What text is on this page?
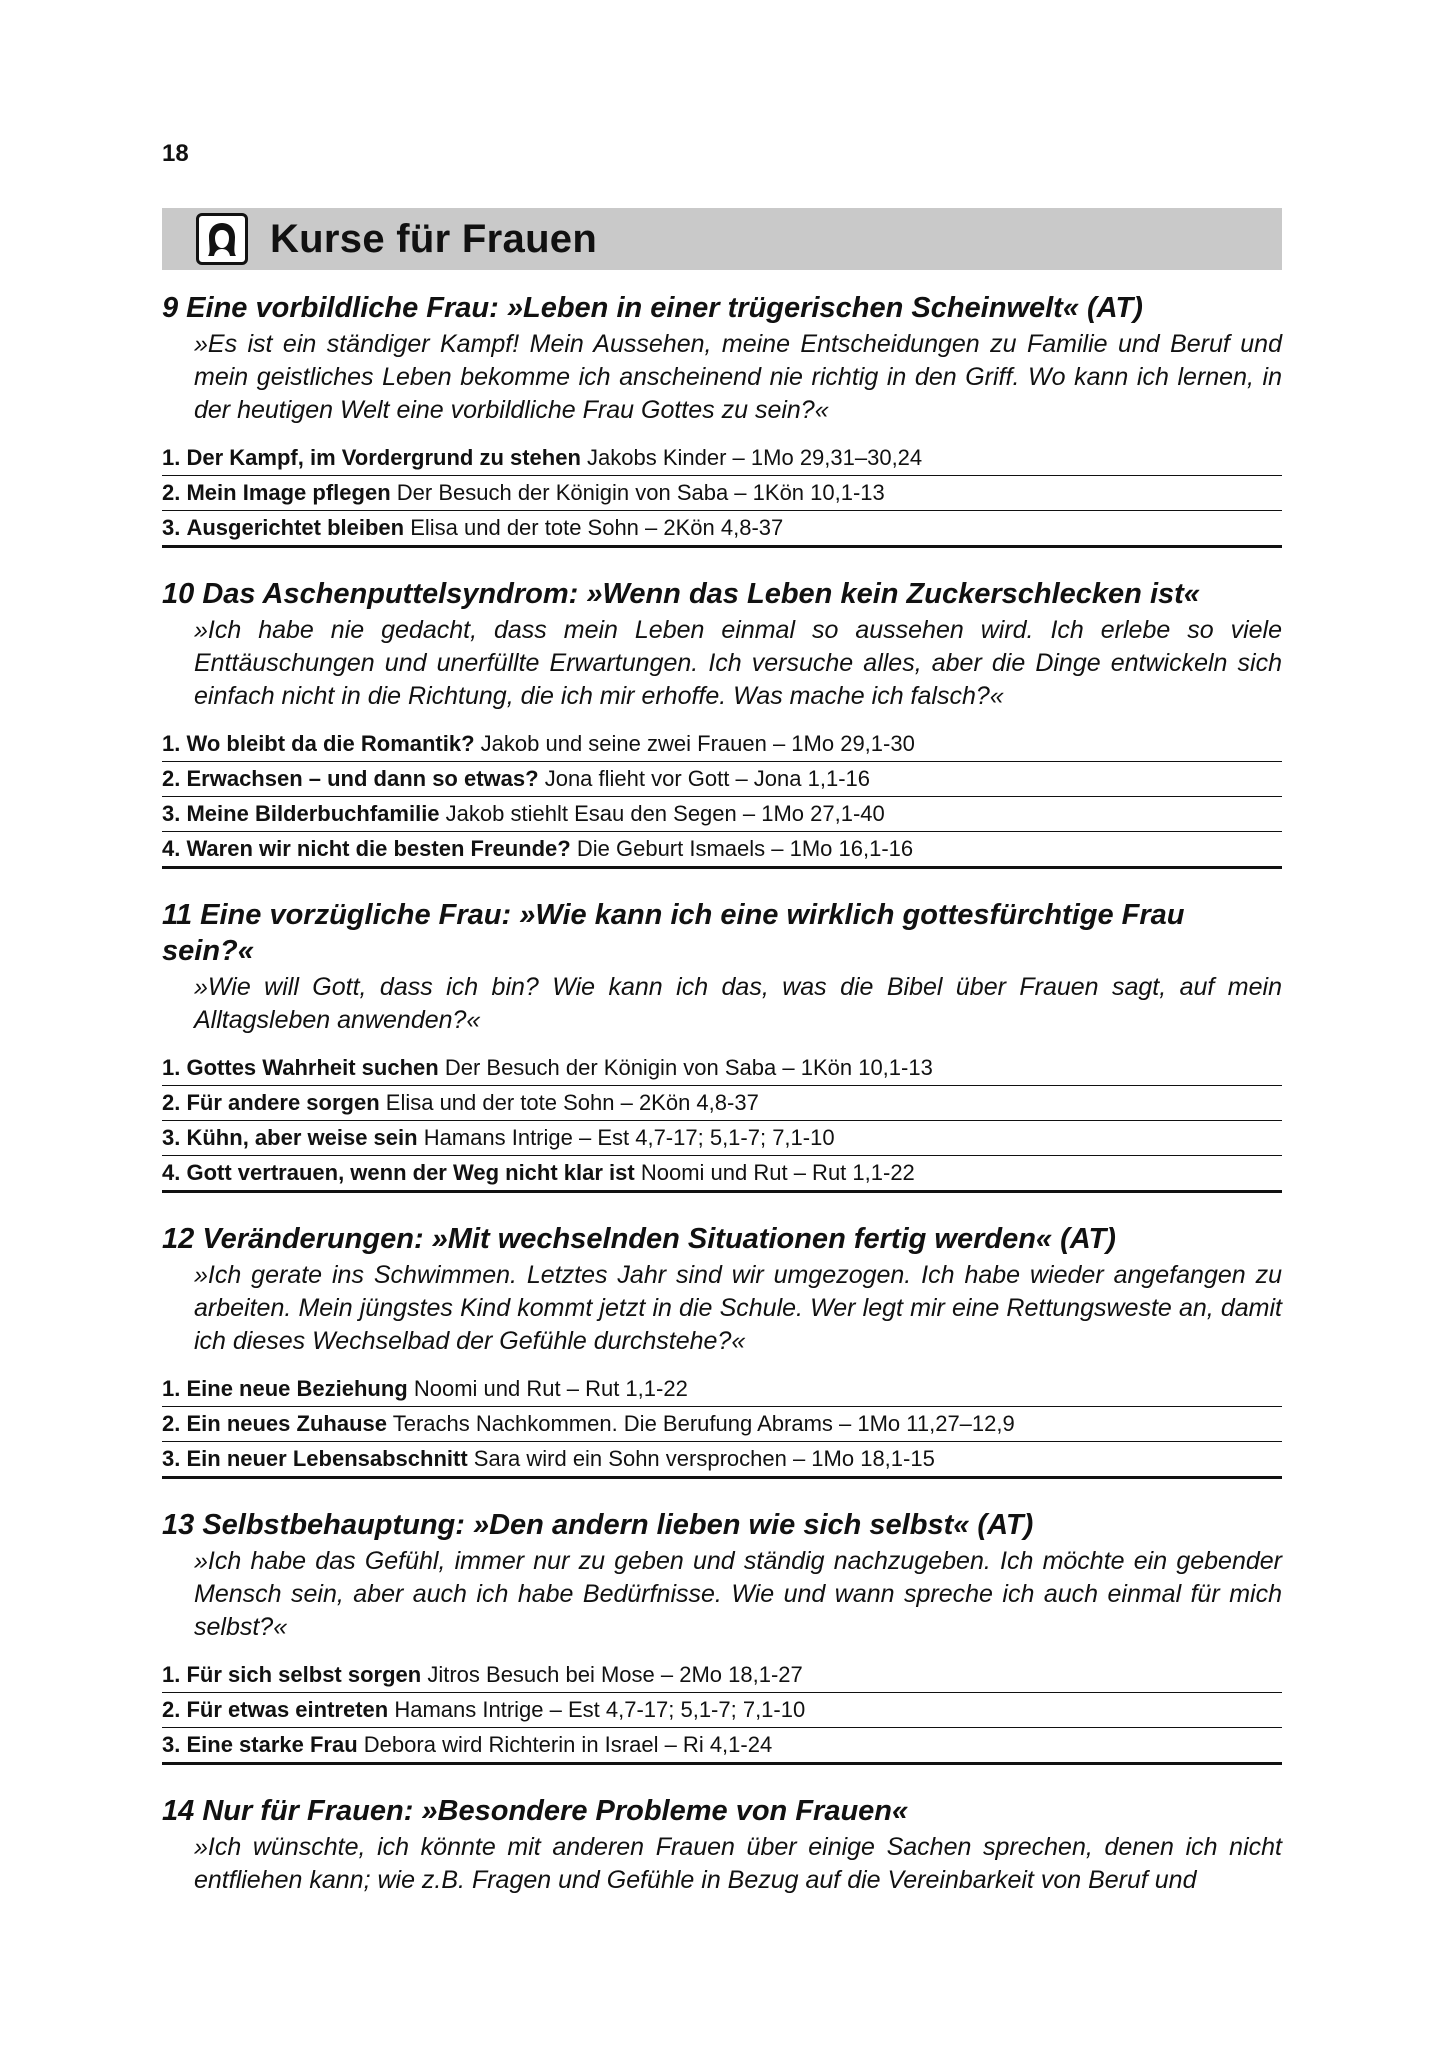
18
Kurse für Frauen
9 Eine vorbildliche Frau: »Leben in einer trügerischen Scheinwelt« (AT)
»Es ist ein ständiger Kampf! Mein Aussehen, meine Entscheidungen zu Familie und Beruf und mein geistliches Leben bekomme ich anscheinend nie richtig in den Griff. Wo kann ich lernen, in der heutigen Welt eine vorbildliche Frau Gottes zu sein?«
1. Der Kampf, im Vordergrund zu stehen Jakobs Kinder – 1Mo 29,31–30,24
2. Mein Image pflegen Der Besuch der Königin von Saba – 1Kön 10,1-13
3. Ausgerichtet bleiben Elisa und der tote Sohn – 2Kön 4,8-37
10 Das Aschenputtelsyndrom: »Wenn das Leben kein Zuckerschlecken ist«
»Ich habe nie gedacht, dass mein Leben einmal so aussehen wird. Ich erlebe so viele Enttäuschungen und unerfüllte Erwartungen. Ich versuche alles, aber die Dinge entwickeln sich einfach nicht in die Richtung, die ich mir erhoffe. Was mache ich falsch?«
1. Wo bleibt da die Romantik? Jakob und seine zwei Frauen – 1Mo 29,1-30
2. Erwachsen – und dann so etwas? Jona flieht vor Gott – Jona 1,1-16
3. Meine Bilderbuchfamilie Jakob stiehlt Esau den Segen – 1Mo 27,1-40
4. Waren wir nicht die besten Freunde? Die Geburt Ismaels – 1Mo 16,1-16
11 Eine vorzügliche Frau: »Wie kann ich eine wirklich gottesfürchtige Frau sein?«
»Wie will Gott, dass ich bin? Wie kann ich das, was die Bibel über Frauen sagt, auf mein Alltagsleben anwenden?«
1. Gottes Wahrheit suchen Der Besuch der Königin von Saba – 1Kön 10,1-13
2. Für andere sorgen Elisa und der tote Sohn – 2Kön 4,8-37
3. Kühn, aber weise sein Hamans Intrige – Est 4,7-17; 5,1-7; 7,1-10
4. Gott vertrauen, wenn der Weg nicht klar ist Noomi und Rut – Rut 1,1-22
12 Veränderungen: »Mit wechselnden Situationen fertig werden« (AT)
»Ich gerate ins Schwimmen. Letztes Jahr sind wir umgezogen. Ich habe wieder angefangen zu arbeiten. Mein jüngstes Kind kommt jetzt in die Schule. Wer legt mir eine Rettungsweste an, damit ich dieses Wechselbad der Gefühle durchstehe?«
1. Eine neue Beziehung Noomi und Rut – Rut 1,1-22
2. Ein neues Zuhause Terachs Nachkommen. Die Berufung Abrams – 1Mo 11,27–12,9
3. Ein neuer Lebensabschnitt Sara wird ein Sohn versprochen – 1Mo 18,1-15
13 Selbstbehauptung: »Den andern lieben wie sich selbst« (AT)
»Ich habe das Gefühl, immer nur zu geben und ständig nachzugeben. Ich möchte ein gebender Mensch sein, aber auch ich habe Bedürfnisse. Wie und wann spreche ich auch einmal für mich selbst?«
1. Für sich selbst sorgen Jitros Besuch bei Mose – 2Mo 18,1-27
2. Für etwas eintreten Hamans Intrige – Est 4,7-17; 5,1-7; 7,1-10
3. Eine starke Frau Debora wird Richterin in Israel – Ri 4,1-24
14 Nur für Frauen: »Besondere Probleme von Frauen«
»Ich wünschte, ich könnte mit anderen Frauen über einige Sachen sprechen, denen ich nicht entfliehen kann; wie z.B. Fragen und Gefühle in Bezug auf die Vereinbarkeit von Beruf und
